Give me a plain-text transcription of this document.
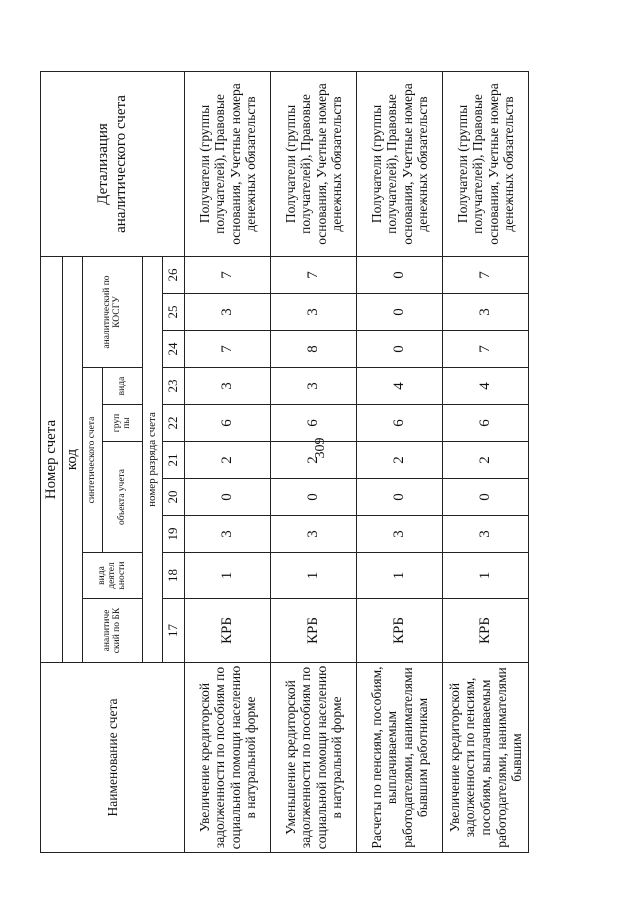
309
Наименование счета	Номер счета										Детализация аналитического счета
	код										
	аналитиче ский по БК	вида деятел ьности	синтетического счета					аналитический по КОСГУ			
			объекта учета			груп пы	вида				

	номер разряда счета										
	17	18	19	20	21	22	23	24	25	26	
Увеличение кредиторской задолженности по пособиям по социальной помощи населению в натуральной форме	КРБ	1	3	0	2	6	3	7	3	7	Получатели (группы получателей), Правовые основания, Учетные номера денежных обязательств
Уменьшение кредиторской задолженности по пособиям по социальной помощи населению в натуральной форме	КРБ	1	3	0	2	6	3	8	3	7	Получатели (группы получателей), Правовые основания, Учетные номера денежных обязательств
Расчеты по пенсиям, пособиям, выплачиваемым работодателями, нанимателями бывшим работникам	КРБ	1	3	0	2	6	4	0	0	0	Получатели (группы получателей), Правовые основания, Учетные номера денежных обязательств
Увеличение кредиторской задолженности по пенсиям, пособиям, выплачиваемым работодателями, нанимателями бывшим	КРБ	1	3	0	2	6	4	7	3	7	Получатели (группы получателей), Правовые основания, Учетные номера денежных обязательств
